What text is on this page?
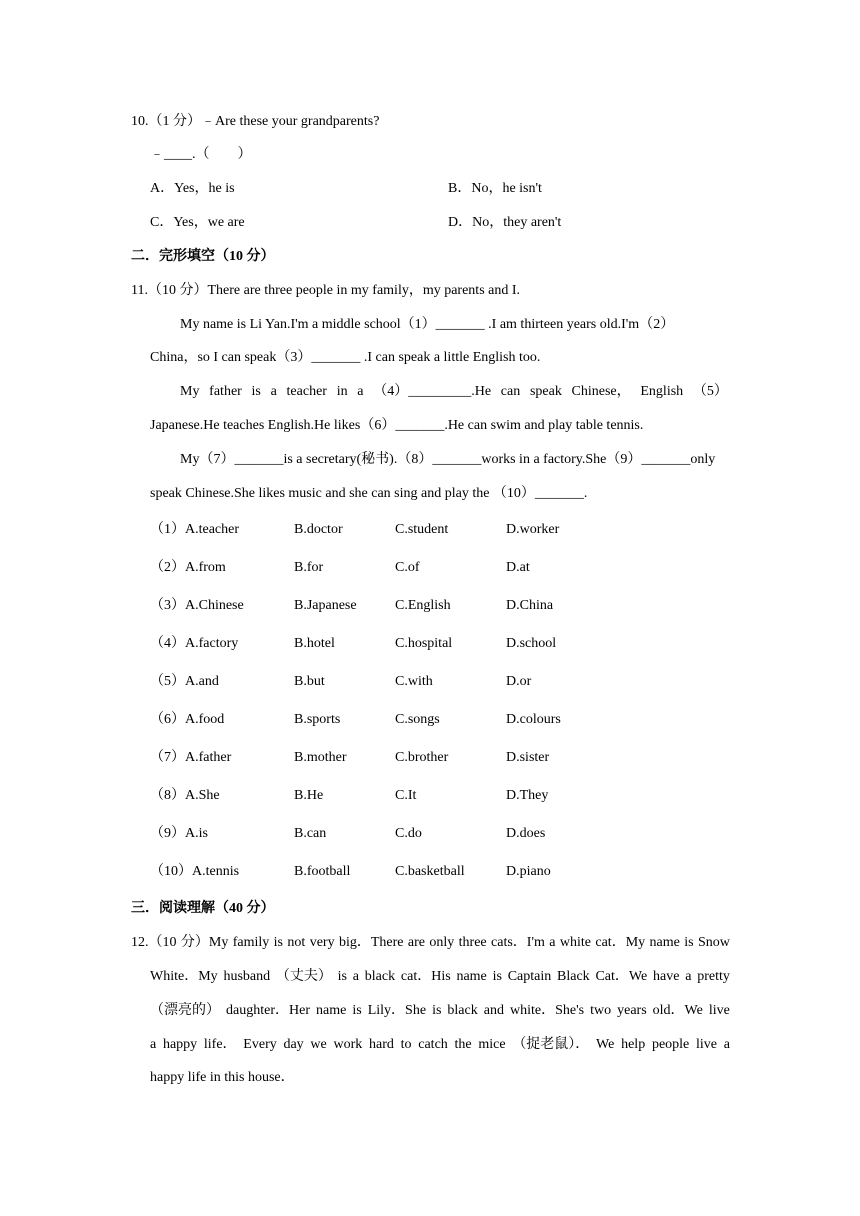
10.（1 分）﹣Are these your grandparents?
﹣____.（　　）
A．Yes，he is	B．No，he isn't
C．Yes，we are	D．No，they aren't
二．完形填空（10 分）
11.（10 分）There are three people in my family，my parents and I.
My name is Li Yan.I'm a middle school（1）_______ .I am thirteen years old.I'm（2）
China，so I can speak（3）_______ .I can speak a little English too.
My father is a teacher in a （4）_________.He can speak Chinese， English （5）
Japanese.He teaches English.He likes（6）_______.He can swim and play table tennis.
My（7）_______is a secretary(秘书).（8）_______works in a factory.She（9）_______only
speak Chinese.She likes music and she can sing and play the （10）_______.
（1）A.teacher	B.doctor	C.student	D.worker
（2）A.from	B.for	C.of	D.at
（3）A.Chinese	B.Japanese	C.English	D.China
（4）A.factory	B.hotel	C.hospital	D.school
（5）A.and	B.but	C.with	D.or
（6）A.food	B.sports	C.songs	D.colours
（7）A.father	B.mother	C.brother	D.sister
（8）A.She	B.He	C.It	D.They
（9）A.is	B.can	C.do	D.does
（10）A.tennis	B.football	C.basketball	D.piano
三．阅读理解（40 分）
12.（10 分）My family is not very big．There are only three cats．I'm a white cat．My name is Snow
White．My husband （丈夫） is a black cat．His name is Captain Black Cat．We have a pretty
（漂亮的） daughter．Her name is Lily．She is black and white．She's two years old．We live
a happy life． Every day we work hard to catch the mice （捉老鼠）． We help people live a
happy life in this house．
